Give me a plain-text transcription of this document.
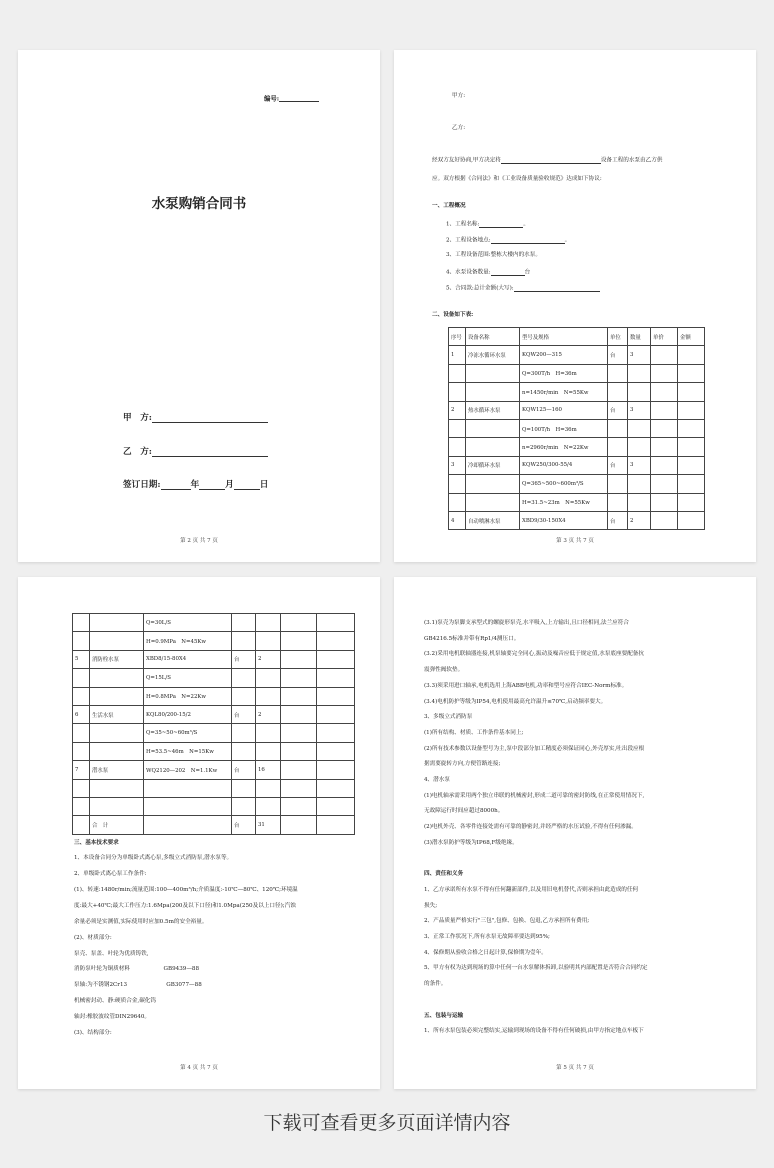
编号:
水泵购销合同书
甲　方:
乙　方:
签订日期:	年	月	日
第 2 页 共 7 页
甲方:
乙方:
经双方友好协商,甲方决定将	设备工程的水泵由乙方供
应。双方根据《合同法》和《工业设备质量验收规范》达成如下协议:
一、工程概况
1、工程名称:	。
2、工程设备地点:	。
3、工程设备范围:整栋大楼内的水泵。
4、水泵设备数量:	台
5、合同款:总计金额(大写):
二、设备如下表:
序号	设备名称	型号及规格	单位	数量	单价	金额
1	冷冻水循环水泵	KQW200—315	台	3		
		Q=300T/h　H=36m				
		n=1450r/min　N=55Kw				
2	热水循环水泵	KQW125—160	台	3		
		Q=100T/h　H=36m				
		n=2960r/min　N=22Kw				
3	冷却循环水泵	KQW250/300-55/4	台	3		
		Q=365~500~600m³/S				
		H=31.5~23m　N=55Kw				
4	自动喷淋水泵	XBD9/30-150X4	台	2		
第 3 页 共 7 页
		Q=30L/S				
		H=0.9MPa　N=45Kw				
5	消防栓水泵	XBD8/15-80X4	台	2		
		Q=15L/S				
		H=0.8MPa　N=22Kw				
6	生活水泵	KQL80/200-15/2	台	2		
		Q=35~50~60m³/S				
		H=53.5~46m　N=15Kw				
7	潜水泵	WQ2120—202　N=1.1Kw	台	16		

	合　计		台	31		
三、基本技术要求
1、本设备合同分为单级卧式离心泵,多级立式消防泵,潜水泵等。
2、单级卧式离心泵工作条件:
(1)、转速:1480r/min;流量范围:100—400m³/h;介质温度:-10℃—80℃、120℃;环境温
度:最大+40℃;最大工作压力:1.6Mpa(200及以下口径)和1.0Mpa(250及以上口径);汽蚀
余量必须是实测值,实际使用时应加0.5m的安全裕量。
(2)、材质部分:
泵壳、泵盖、叶轮为优质铸铁,
消防泵叶轮为铜质材料　　　　　　GB9439—88
泵轴:为不锈钢2Cr13　　　　　　　GB3077—88
机械密封动、静:硬质合金,碳化钨
轴封:橡胶波纹管DIN29640。
(3)、结构部分:
第 4 页 共 7 页
(3.1)泵壳为泵脚支承型式的螺旋形泵壳,水平吸入,上方输出,且口径相同,法兰应符合
GB4216.5标准并带有Rp1/4测压口。
(3.2)采用电机联轴器连接,机泵轴要完全同心,振动及噪音应低于规定值,水泵底座要配备抗
震弹性阀软垫。
(3.3)须采用进口轴承,电机选用上海ABB电机,功率和型号应符合IEC-Norm标准。
(3.4)电机防护等级为IP54,电机使用最高允许温升≤70℃,启动频率要大。
3、多级立式消防泵
(1)所有结构、材质、工作条件基本同上;
(2)所有技术参数以设备型号为主,泵中段部分加工精度必须保证同心,外壳厚实,吐出段应根
据需要旋转方向,方便管路连接;
4、潜水泵
(1)电机轴承需采用两个独立串联的机械密封,形成二道可靠的密封防线,在正常使用情况下,
无故障运行时间应超过8000h。
(2)电机外壳、各零件连接处需有可靠的静密封,并经严格的水压试验,不得有任何渗漏。
(3)潜水泵防护等级为IP68,F级绝缘。
四、责任和义务
1、乙方承诺所有水泵不得有任何翻新部件,以及用旧电机替代,否则承担由此造成的任何
损失;
2、产品质量严格实行"三包",包修、包换、包退,乙方承担所有费用;
3、正常工作状况下,所有水泵无故障率要达到95%;
4、保修期从验收合格之日起计算,保修期为壹年。
5、甲方有权为达到现场的算中任何一台水泵解体拆卸,以验明其内部配置是否符合合同约定
的条件。
五、包装与运输
1、所有水泵包装必须完整结实,运输到现场的设备不得有任何破损,由甲方指定地点车板下
第 5 页 共 7 页
下载可查看更多页面详情内容
